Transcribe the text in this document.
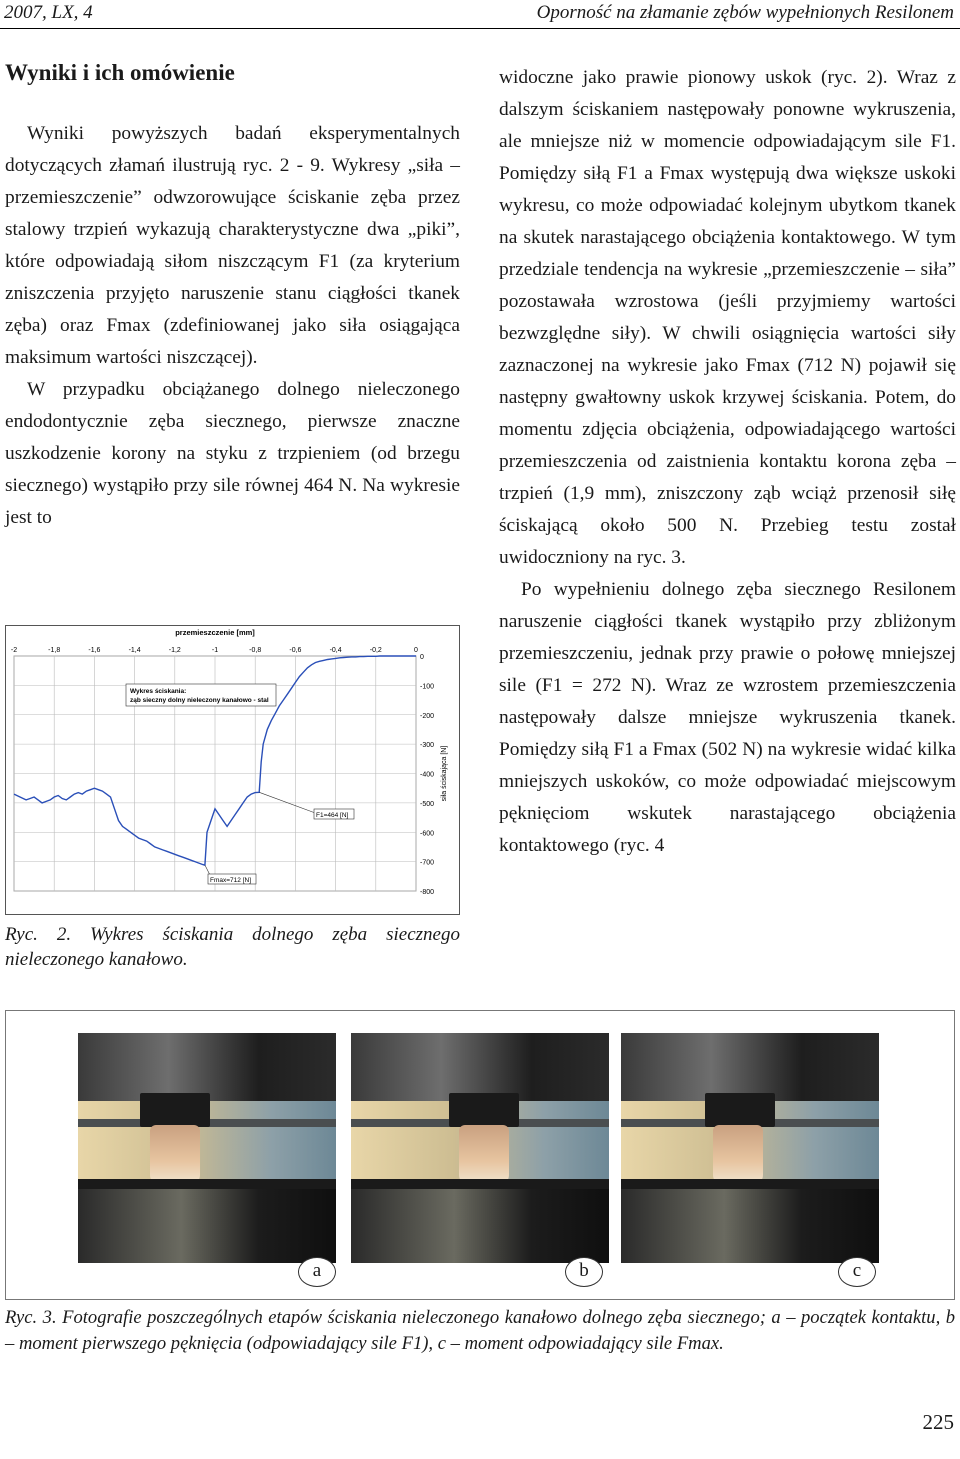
2007, LX, 4	Oporność na złamanie zębów wypełnionych Resilonem
Wyniki i ich omówienie

Wyniki powyższych badań eksperymentalnych dotyczących złamań ilustrują ryc. 2 - 9. Wykresy „siła – przemieszczenie” odwzorowujące ściskanie zęba przez stalowy trzpień wykazują charakterystyczne dwa „piki”, które odpowiadają siłom niszczącym F1 (za kryterium zniszczenia przyjęto naruszenie stanu ciągłości tkanek zęba) oraz Fmax (zdefiniowanej jako siła osiągająca maksimum wartości niszczącej).

W przypadku obciążanego dolnego nieleczonego endodontycznie zęba siecznego, pierwsze znaczne uszkodzenie korony na styku z trzpieniem (od brzegu siecznego) wystąpiło przy sile równej 464 N. Na wykresie jest to

-2	-1,8	-1,6	-1,4	-1,2	-1	-0,8	-0,6	-0,4	-0,2	0
0
-100
-200
-300
-400
-500
-600
-700
-800
przemieszczenie [mm]
siła ściskająca [N]
Wykres ściskania:
ząb sieczny dolny nieleczony kanałowo - stal
F1=464 [N]
Fmax=712 [N]
Ryc. 2. Wykres ściskania dolnego zęba siecznego nieleczonego kanałowo.

widoczne jako prawie pionowy uskok (ryc. 2). Wraz z dalszym ściskaniem następowały ponowne wykruszenia, ale mniejsze niż w momencie odpowiadającym sile F1. Pomiędzy siłą F1 a Fmax występują dwa większe uskoki wykresu, co może odpowiadać kolejnym ubytkom tkanek na skutek narastającego obciążenia kontaktowego. W tym przedziale tendencja na wykresie „przemieszczenie – siła” pozostawała wzrostowa (jeśli przyjmiemy wartości bezwzględne siły). W chwili osiągnięcia wartości siły zaznaczonej na wykresie jako Fmax (712 N) pojawił się następny gwałtowny uskok krzywej ściskania. Potem, do momentu zdjęcia obciążenia, odpowiadającego wartości przemieszczenia od zaistnienia kontaktu korona zęba – trzpień (1,9 mm), zniszczony ząb wciąż przenosił siłę ściskającą około 500 N. Przebieg testu został uwidoczniony na ryc. 3.

Po wypełnieniu dolnego zęba siecznego Resilonem naruszenie ciągłości tkanek wystąpiło przy zbliżonym przemieszczeniu, jednak przy prawie o połowę mniejszej sile (F1 = 272 N). Wraz ze wzrostem przemieszczenia następowały dalsze mniejsze wykruszenia tkanek. Pomiędzy siłą F1 a Fmax (502 N) na wykresie widać kilka mniejszych uskoków, co może odpowiadać miejscowym pęknięciom wskutek narastającego obciążenia kontaktowego (ryc. 4

a	b	c
Ryc. 3. Fotografie poszczególnych etapów ściskania nieleczonego kanałowo dolnego zęba siecznego; a – początek kontaktu, b – moment pierwszego pęknięcia (odpowiadający sile F1), c – moment odpowiadający sile Fmax.
225
